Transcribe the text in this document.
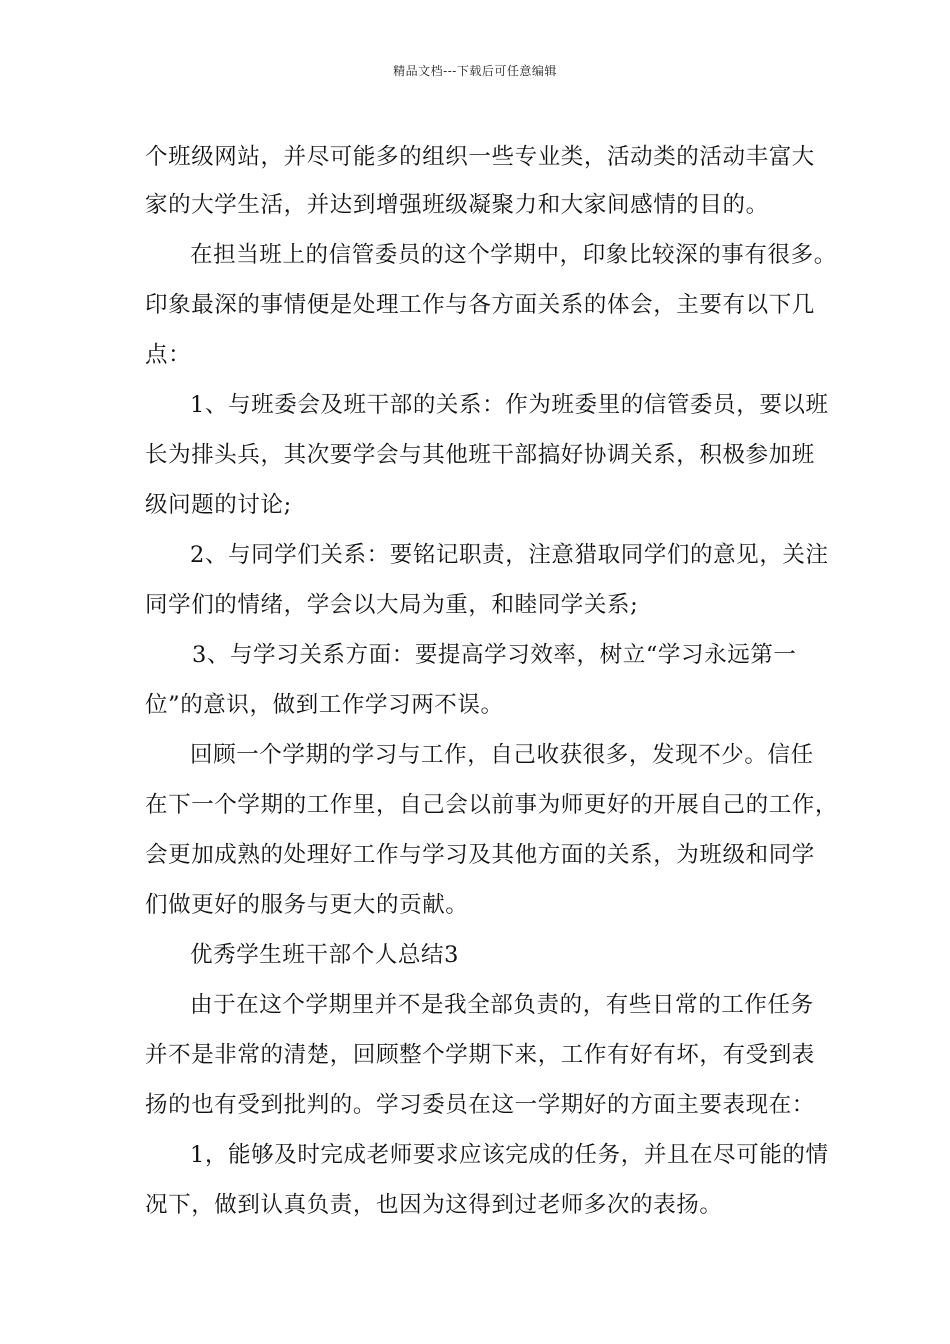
精品文档---下载后可任意编辑
个班级网站，并尽可能多的组织一些专业类，活动类的活动丰富大
家的大学生活，并达到增强班级凝聚力和大家间感情的目的。
在担当班上的信管委员的这个学期中，印象比较深的事有很多。
印象最深的事情便是处理工作与各方面关系的体会，主要有以下几
点：
1、与班委会及班干部的关系：作为班委里的信管委员，要以班
长为排头兵，其次要学会与其他班干部搞好协调关系，积极参加班
级问题的讨论;
2、与同学们关系：要铭记职责，注意猎取同学们的意见，关注
同学们的情绪，学会以大局为重，和睦同学关系;
3、与学习关系方面：要提高学习效率，树立“学习永远第一
位”的意识，做到工作学习两不误。
回顾一个学期的学习与工作，自己收获很多，发现不少。信任
在下一个学期的工作里，自己会以前事为师更好的开展自己的工作，
会更加成熟的处理好工作与学习及其他方面的关系，为班级和同学
们做更好的服务与更大的贡献。
优秀学生班干部个人总结3
由于在这个学期里并不是我全部负责的，有些日常的工作任务
并不是非常的清楚，回顾整个学期下来，工作有好有坏，有受到表
扬的也有受到批判的。学习委员在这一学期好的方面主要表现在：
1，能够及时完成老师要求应该完成的任务，并且在尽可能的情
况下，做到认真负责，也因为这得到过老师多次的表扬。
